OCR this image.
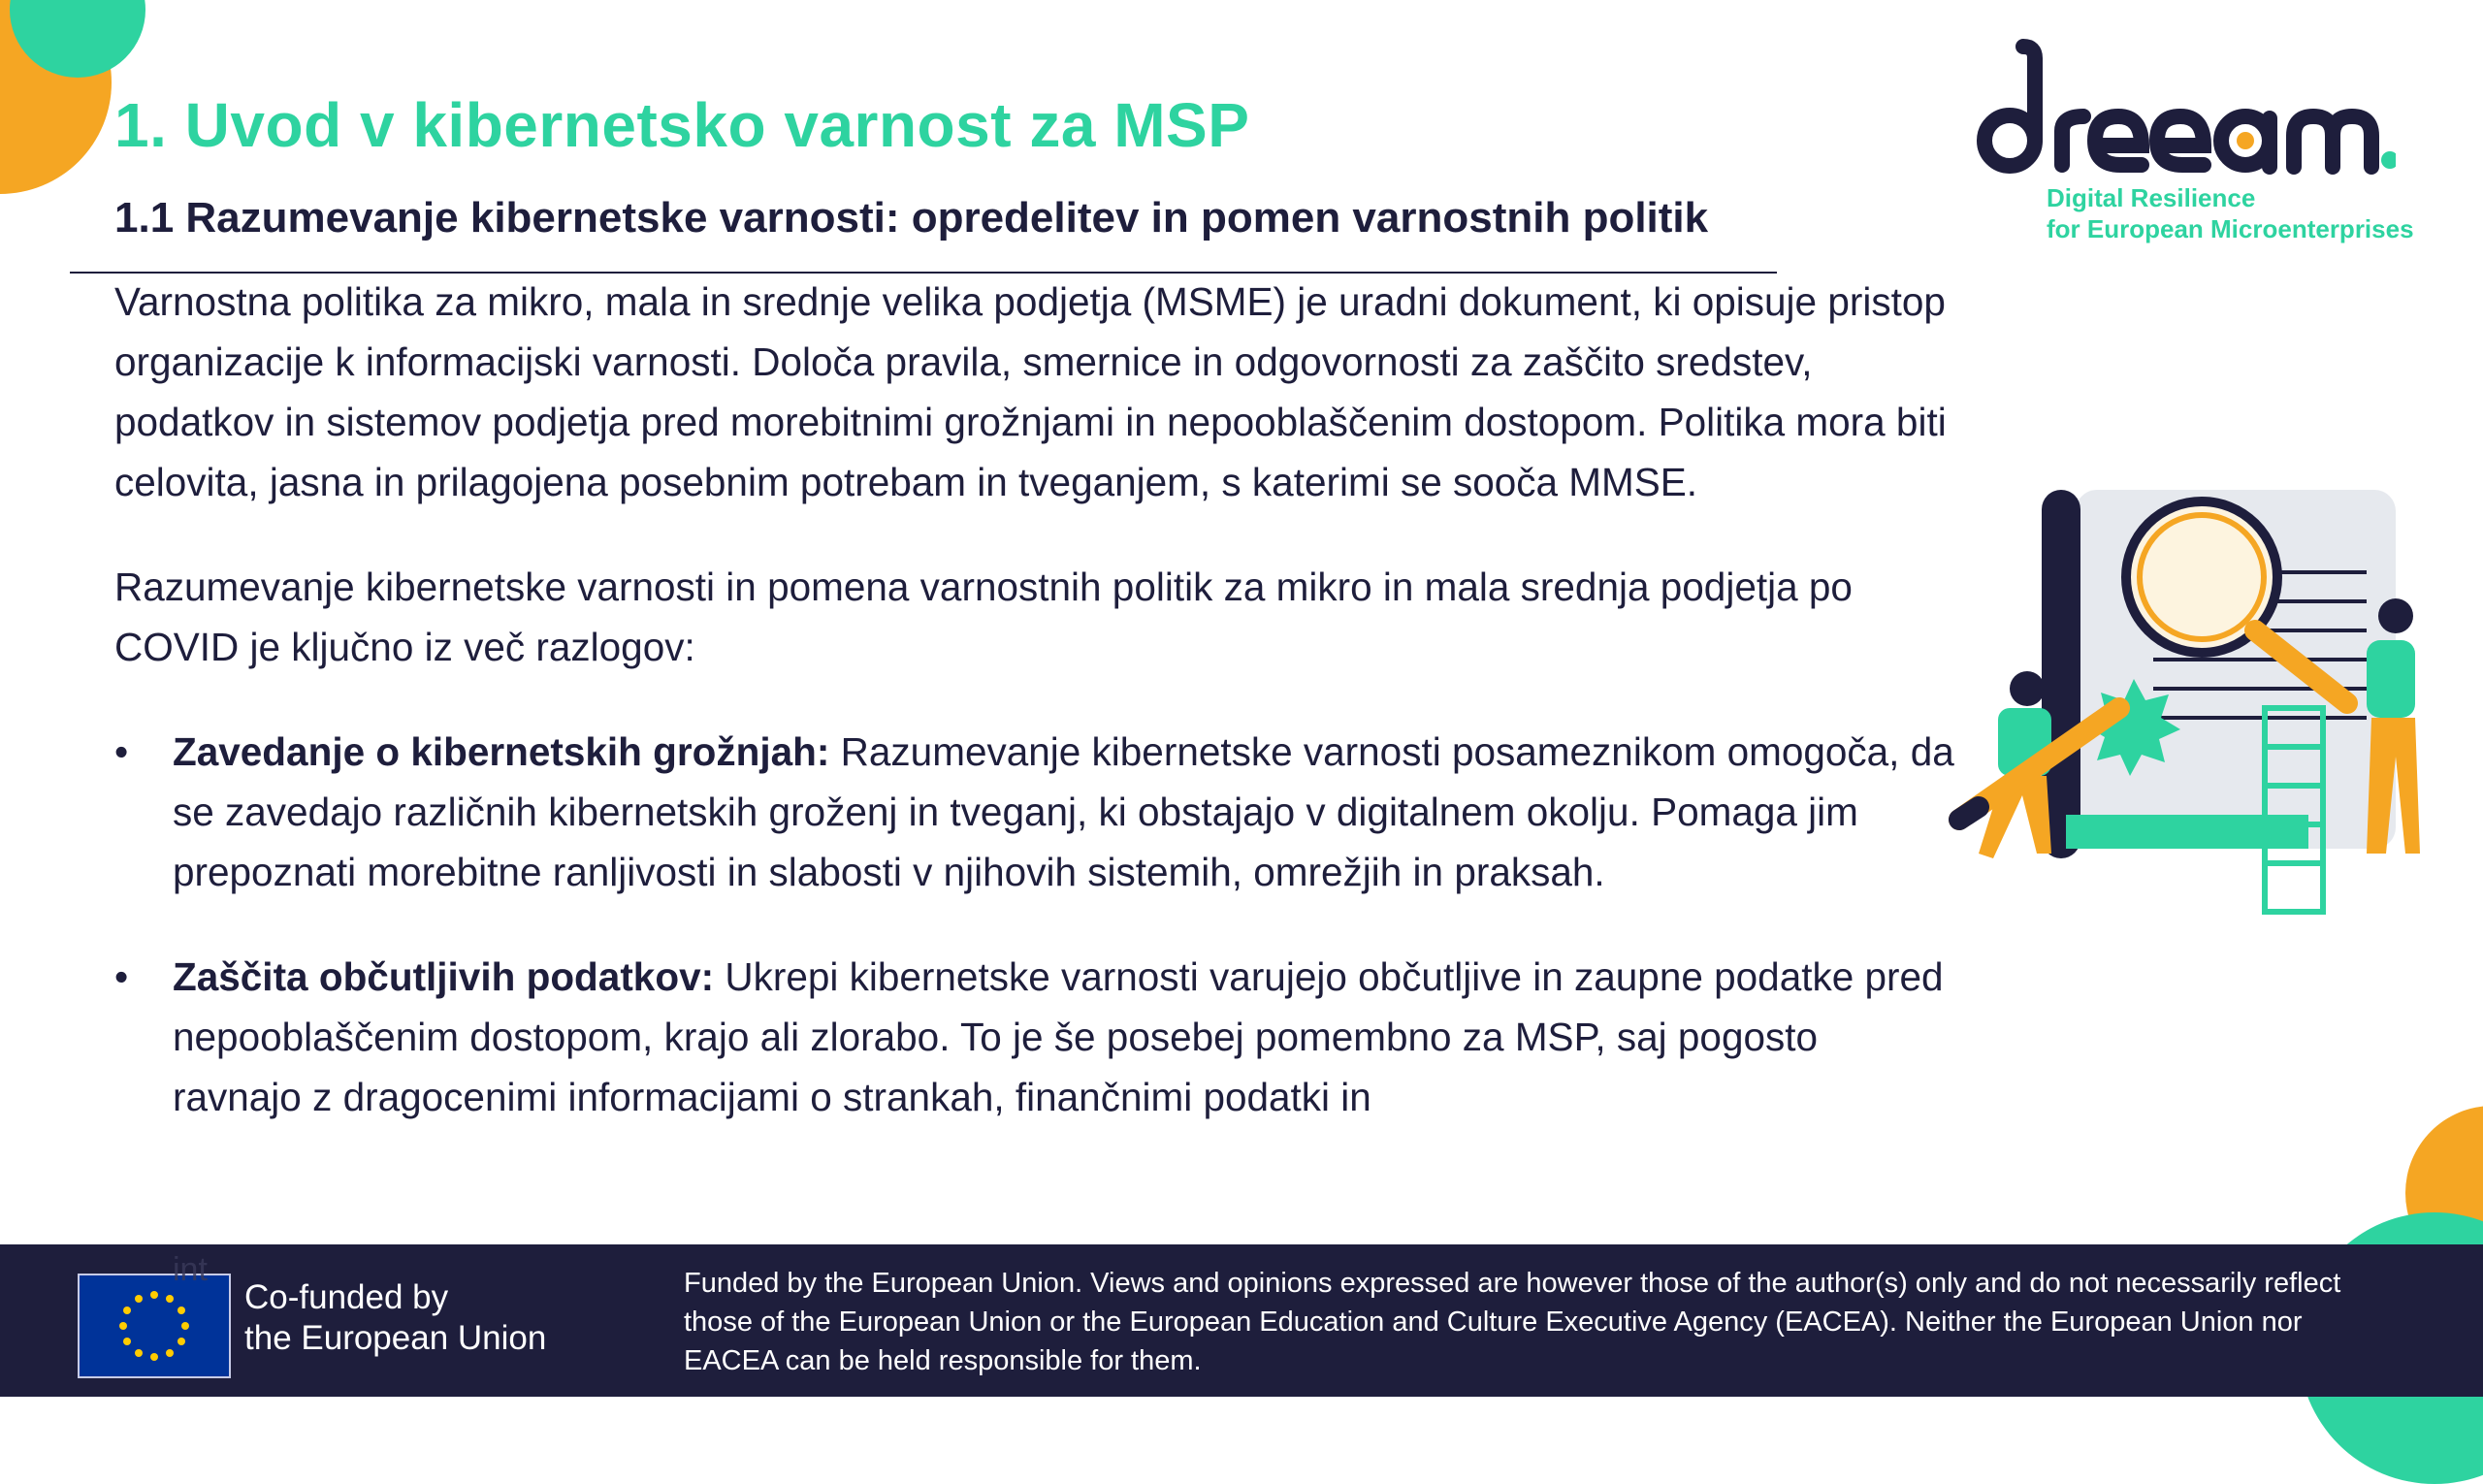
1. Uvod v kibernetsko varnost za MSP
1.1 Razumevanje kibernetske varnosti: opredelitev in pomen varnostnih politik	Digital Resilience
for European Microenterprises

Varnostna politika za mikro, mala in srednje velika podjetja (MSME) je uradni dokument, ki opisuje pristop organizacije k informacijski varnosti. Določa pravila, smernice in odgovornosti za zaščito sredstev, podatkov in sistemov podjetja pred morebitnimi grožnjami in nepooblaščenim dostopom. Politika mora biti celovita, jasna in prilagojena posebnim potrebam in tveganjem, s katerimi se sooča MMSE.

Razumevanje kibernetske varnosti in pomena varnostnih politik za mikro in mala srednja podjetja po COVID je ključno iz več razlogov:

• Zavedanje o kibernetskih grožnjah: Razumevanje kibernetske varnosti posameznikom omogoča, da se zavedajo različnih kibernetskih groženj in tveganj, ki obstajajo v digitalnem okolju. Pomaga jim prepoznati morebitne ranljivosti in slabosti v njihovih sistemih, omrežjih in praksah.
• Zaščita občutljivih podatkov: Ukrepi kibernetske varnosti varujejo občutljive in zaupne podatke pred nepooblaščenim dostopom, krajo ali zlorabo. To je še posebej pomembno za MSP, saj pogosto ravnajo z dragocenimi informacijami o strankah, finančnimi podatki in
Co-funded by
the European Union
Funded by the European Union. Views and opinions expressed are however those of the author(s) only and do not necessarily reflect those of the European Union or the European Education and Culture Executive Agency (EACEA). Neither the European Union nor EACEA can be held responsible for them.
int
